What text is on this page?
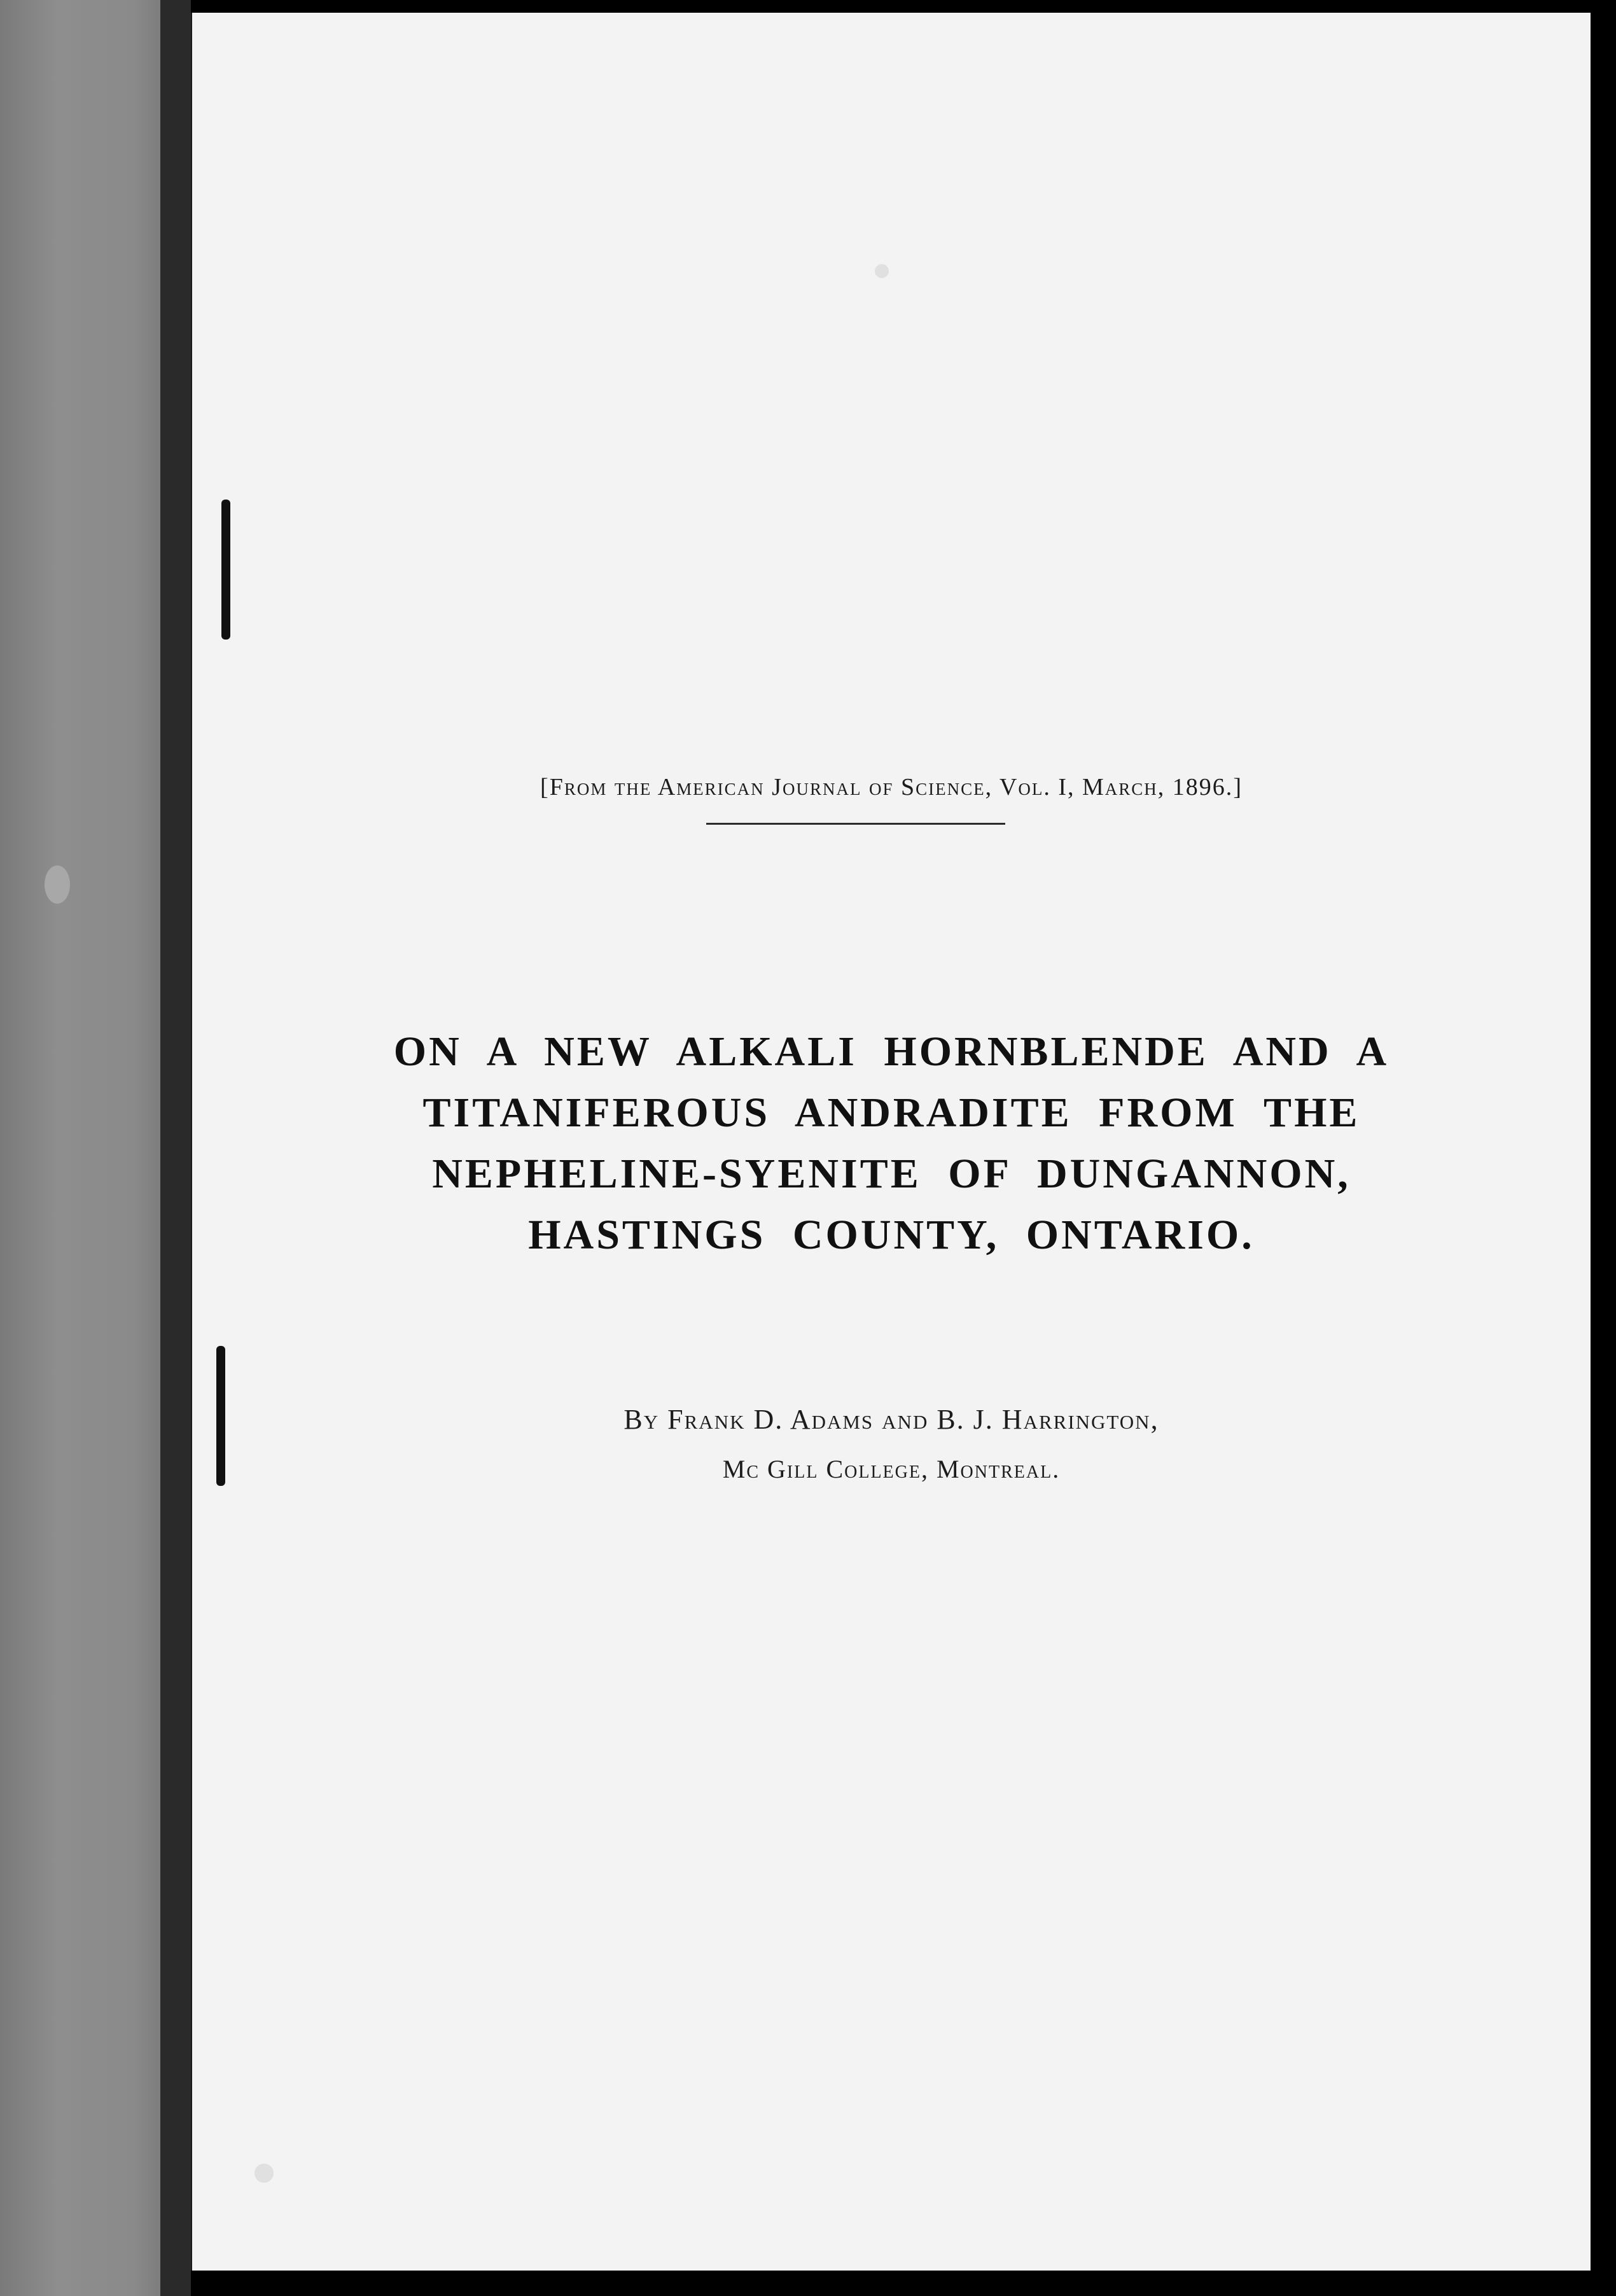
[From the American Journal of Science, Vol. I, March, 1896.]
ON A NEW ALKALI HORNBLENDE AND A
TITANIFEROUS ANDRADITE FROM THE
NEPHELINE-SYENITE OF DUNGANNON,
HASTINGS COUNTY, ONTARIO.
By Frank D. Adams and B. J. Harrington,
Mc Gill College, Montreal.
